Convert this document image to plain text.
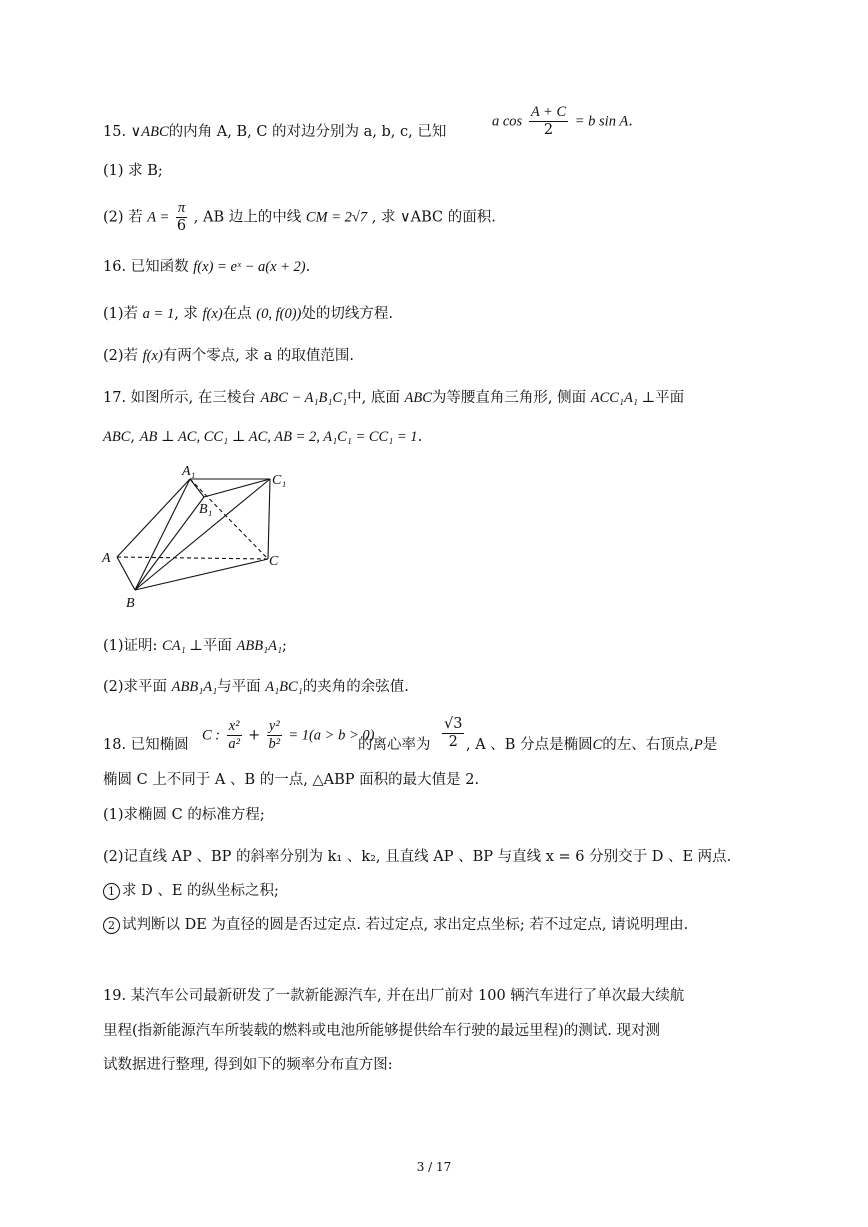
15. ∨ABC的内角 A, B, C 的对边分别为 a, b, c, 已知
a $\cos \frac{A + C}{2} = b$ sin A.
(1) 求 B;
(2) 若 $A = \frac{\pi}{6}$ , AB 边上的中线 CM = 2√7 , 求 ∨ABC 的面积.
16. 已知函数 f(x) = eˣ − a(x + 2).
(1)若 a = 1, 求 f(x)在点 (0, f(0))处的切线方程.
(2)若 f(x)有两个零点, 求 a 的取值范围.
17. 如图所示, 在三棱台 ABC − A₁B₁C₁中, 底面 ABC为等腰直角三角形, 侧面 ACC₁A₁ ⊥平面
ABC, AB ⊥ AC, CC₁ ⊥ AC, AB = 2, A₁C₁ = CC₁ = 1.
A₁
C₁
B₁
A	C
B
(1)证明: CA₁ ⊥平面 ABB₁A₁;
(2)求平面 ABB₁A₁与平面 A₁BC₁的夹角的余弦值.
18. 已知椭圆
C : $\frac{\text{x²}}{\text{a²}} + \frac{\text{y²}}{\text{b²}} = 1(a > b > 0)$
的离心率为 $\frac{√3}{2}$ , A 、B 分点是椭圆C的左、右顶点,P是
椭圆 C 上不同于 A 、B 的一点, △ABP 面积的最大值是 2.
(1)求椭圆 C 的标准方程;
(2)记直线 AP 、BP 的斜率分别为 k₁ 、k₂, 且直线 AP 、BP 与直线 x = 6 分别交于 D 、E 两点.
1 求 D 、E 的纵坐标之积;
2 试判断以 DE 为直径的圆是否过定点. 若过定点, 求出定点坐标; 若不过定点, 请说明理由.
19. 某汽车公司最新研发了一款新能源汽车, 并在出厂前对 100 辆汽车进行了单次最大续航
里程(指新能源汽车所装载的燃料或电池所能够提供给车行驶的最远里程)的测试. 现对测
试数据进行整理, 得到如下的频率分布直方图:
3 / 17
